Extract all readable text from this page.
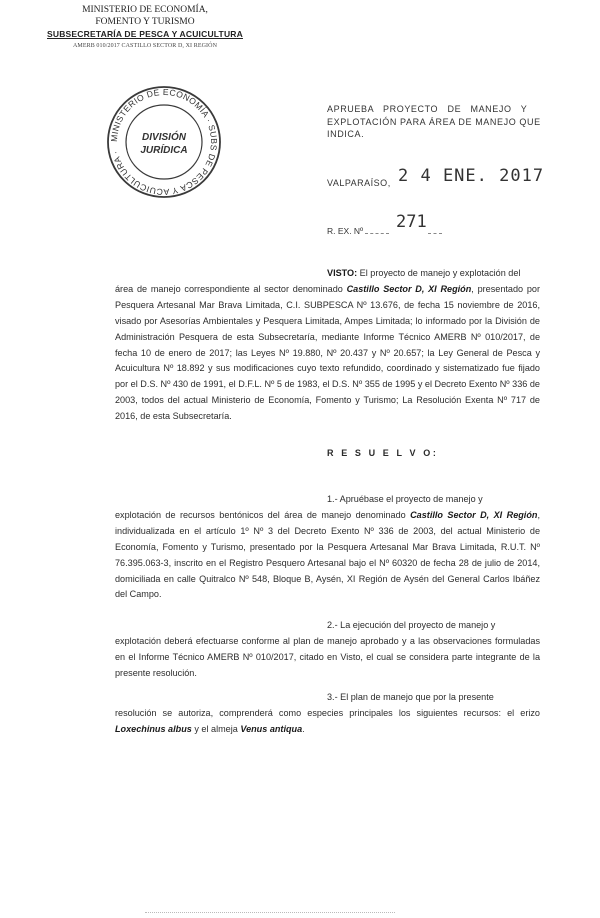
MINISTERIO DE ECONOMÍA,
FOMENTO Y TURISMO
SUBSECRETARÍA DE PESCA Y ACUICULTURA
AMERB 010/2017 CASTILLO SECTOR D, XI REGIÓN
MINISTERIO DE ECONOMÍA · SUBS DE PESCA Y ACUICULTURA ·
DIVISIÓN
JURÍDICA
APRUEBA   PROYECTO   DE   MANEJO   Y
EXPLOTACIÓN PARA ÁREA DE MANEJO QUE
INDICA.
VALPARAÍSO, 2 4 ENE. 2017
R. EX. Nº 271
VISTO: El proyecto de manejo y explotación del
área de manejo correspondiente al sector denominado Castillo Sector D, XI Región, presentado por Pesquera Artesanal Mar Brava Limitada, C.I. SUBPESCA Nº 13.676, de fecha 15 noviembre de 2016, visado por Asesorías Ambientales y Pesquera Limitada, Ampes Limitada; lo informado por la División de Administración Pesquera de esta Subsecretaría, mediante Informe Técnico AMERB Nº 010/2017, de fecha 10 de enero de 2017; las Leyes Nº 19.880, Nº 20.437 y Nº 20.657; la Ley General de Pesca y Acuicultura Nº 18.892 y sus modificaciones cuyo texto refundido, coordinado y sistematizado fue fijado por el D.S. Nº 430 de 1991, el D.F.L. Nº 5 de 1983, el D.S. Nº 355 de 1995 y el Decreto Exento Nº 336 de 2003, todos del actual Ministerio de Economía, Fomento y Turismo; La Resolución Exenta Nº 717 de 2016, de esta Subsecretaría.
R E S U E L V O:
1.- Apruébase el proyecto de manejo y
explotación de recursos bentónicos del área de manejo denominado Castillo Sector D, XI Región, individualizada en el artículo 1º Nº 3 del Decreto Exento Nº 336 de 2003, del actual Ministerio de Economía, Fomento y Turismo, presentado por la Pesquera Artesanal Mar Brava Limitada, R.U.T. Nº 76.395.063-3, inscrito en el Registro Pesquero Artesanal bajo el Nº 60320 de fecha 28 de julio de 2014, domiciliada en calle Quitralco Nº 548, Bloque B, Aysén, XI Región de Aysén del General Carlos Ibáñez del Campo.
2.- La ejecución del proyecto de manejo y
explotación deberá efectuarse conforme al plan de manejo aprobado y a las observaciones formuladas en el Informe Técnico AMERB Nº 010/2017, citado en Visto, el cual se considera parte integrante de la presente resolución.
3.- El plan de manejo que por la presente
resolución se autoriza, comprenderá como especies principales los siguientes recursos: el erizo Loxechinus albus y el almeja Venus antiqua.
